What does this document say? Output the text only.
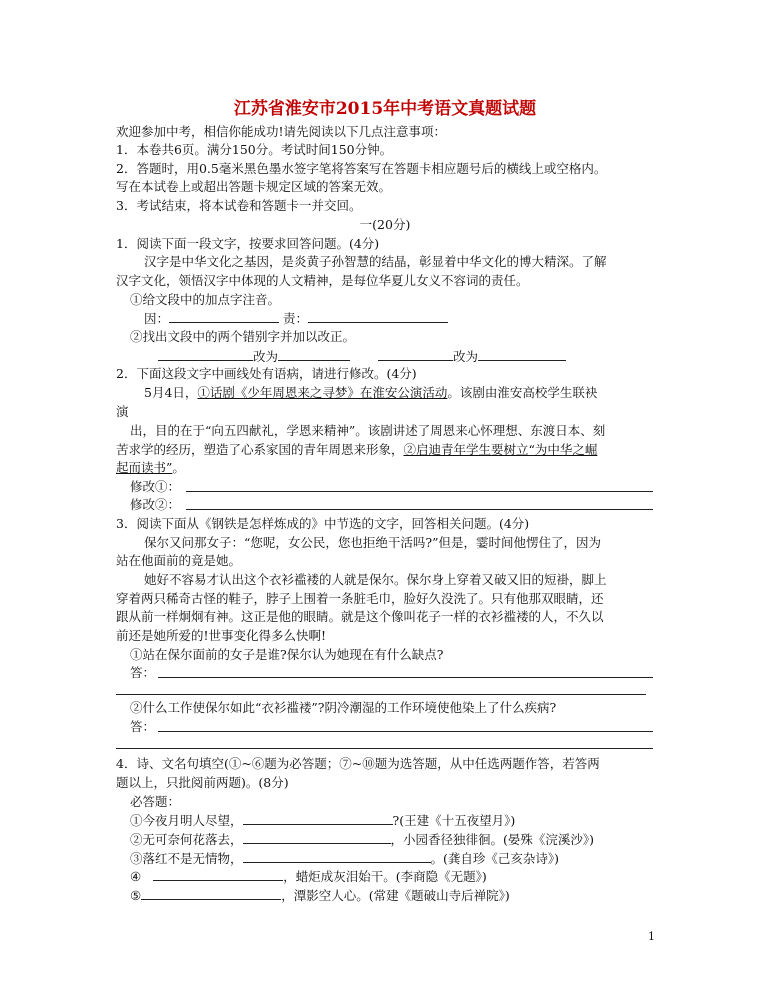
江苏省淮安市2015年中考语文真题试题
欢迎参加中考，相信你能成功!请先阅读以下几点注意事项：
1．本卷共6页。满分150分。考试时间150分钟。
2．答题时，用0.5毫米黑色墨水签字笔将答案写在答题卡相应题号后的横线上或空格内。
写在本试卷上或超出答题卡规定区域的答案无效。
3．考试结束，将本试卷和答题卡一并交回。
一(20分)
1．阅读下面一段文字，按要求回答问题。(4分)
汉字是中华文化之基因，是炎黄子孙智慧的结晶，彰显着中华文化的博大精深。了解
汉字文化，领悟汉字中体现的人文精神，是每位华夏儿女义不容词的责任。
①给文段中的加点字注音。
因：	责：
②找出文段中的两个错别字并加以改正。
改为	改为
2．下面这段文字中画线处有语病，请进行修改。(4分)
5月4日，①话剧《少年周恩来之寻梦》在淮安公演活动。该剧由淮安高校学生联袂
演
出，目的在于“向五四献礼，学恩来精神”。该剧讲述了周恩来心怀理想、东渡日本、刻
苦求学的经历，塑造了心系家国的青年周恩来形象，②启迪青年学生要树立“为中华之崛
起而读书”。
修改①：
修改②：
3．阅读下面从《钢铁是怎样炼成的》中节选的文字，回答相关问题。(4分)
保尔又问那女子：“您呢，女公民，您也拒绝干活吗?”但是，霎时间他愣住了，因为
站在他面前的竟是她。
她好不容易才认出这个衣衫褴褛的人就是保尔。保尔身上穿着又破又旧的短褂，脚上
穿着两只稀奇古怪的鞋子，脖子上围着一条脏毛巾，脸好久没洗了。只有他那双眼睛，还
跟从前一样炯炯有神。这正是他的眼睛。就是这个像叫花子一样的衣衫褴褛的人，不久以
前还是她所爱的!世事变化得多么快啊!
①站在保尔面前的女子是谁?保尔认为她现在有什么缺点?
答：
②什么工作使保尔如此“衣衫褴褛”?阴冷潮湿的工作环境使他染上了什么疾病?
答：
4．诗、文名句填空(①~⑥题为必答题；⑦~⑩题为选答题，从中任选两题作答，若答两
题以上，只批阅前两题)。(8分)
必答题：
①今夜月明人尽望，	?(王建《十五夜望月》)
②无可奈何花落去，	，小园香径独徘徊。(晏殊《浣溪沙》)
③落红不是无情物，	。(龚自珍《己亥杂诗》)
④	，蜡炬成灰泪始干。(李商隐《无题》)
⑤	，潭影空人心。(常建《题破山寺后禅院》)
1
